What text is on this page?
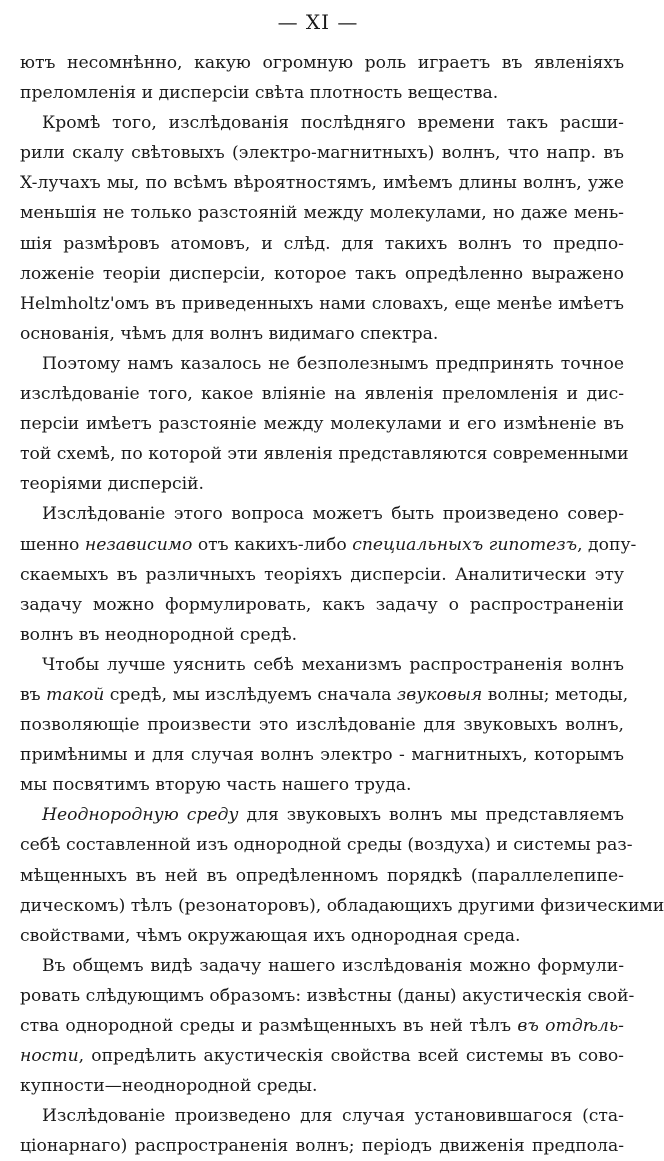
— XI —
ютъ несомнѣнно, какую огромную роль играетъ въ явленіяхъ
преломленія и дисперсіи свѣта плотность вещества.
Кромѣ того, изслѣдованія послѣдняго времени такъ расши-
рили скалу свѣтовыхъ (электро-магнитныхъ) волнъ, что напр. въ
X-лучахъ мы, по всѣмъ вѣроятностямъ, имѣемъ длины волнъ, уже
меньшія не только разстояній между молекулами, но даже мень-
шія размѣровъ атомовъ, и слѣд. для такихъ волнъ то предпо-
ложеніе теоріи дисперсіи, которое такъ опредѣленно выражено
Helmholtz'омъ въ приведенныхъ нами словахъ, еще менѣе имѣетъ
основанія, чѣмъ для волнъ видимаго спектра.
Поэтому намъ казалось не безполезнымъ предпринять точное
изслѣдованіе того, какое вліяніе на явленія преломленія и дис-
персіи имѣетъ разстояніе между молекулами и его измѣненіе въ
той схемѣ, по которой эти явленія представляются современными
теоріями дисперсій.
Изслѣдованіе этого вопроса можетъ быть произведено совер-
шенно независимо отъ какихъ-либо специальныхъ гипотезъ, допу-
скаемыхъ въ различныхъ теоріяхъ дисперсіи. Аналитически эту
задачу можно формулировать, какъ задачу о распространеніи
волнъ въ неоднородной средѣ.
Чтобы лучше уяснить себѣ механизмъ распространенія волнъ
въ такой средѣ, мы изслѣдуемъ сначала звуковыя волны; методы,
позволяющіе произвести это изслѣдованіе для звуковыхъ волнъ,
примѣнимы и для случая волнъ электро - магнитныхъ, которымъ
мы посвятимъ вторую часть нашего труда.
Неоднородную среду для звуковыхъ волнъ мы представляемъ
себѣ составленной изъ однородной среды (воздуха) и системы раз-
мѣщенныхъ въ ней въ опредѣленномъ порядкѣ (параллелепипе-
дическомъ) тѣлъ (резонаторовъ), обладающихъ другими физическими
свойствами, чѣмъ окружающая ихъ однородная среда.
Въ общемъ видѣ задачу нашего изслѣдованія можно формули-
ровать слѣдующимъ образомъ: извѣстны (даны) акустическія свой-
ства однородной среды и размѣщенныхъ въ ней тѣлъ въ отдѣль-
ности, опредѣлить акустическія свойства всей системы въ сово-
купности—неоднородной среды.
Изслѣдованіе произведено для случая установившагося (ста-
ціонарнаго) распространенія волнъ; періодъ движенія предпола-
